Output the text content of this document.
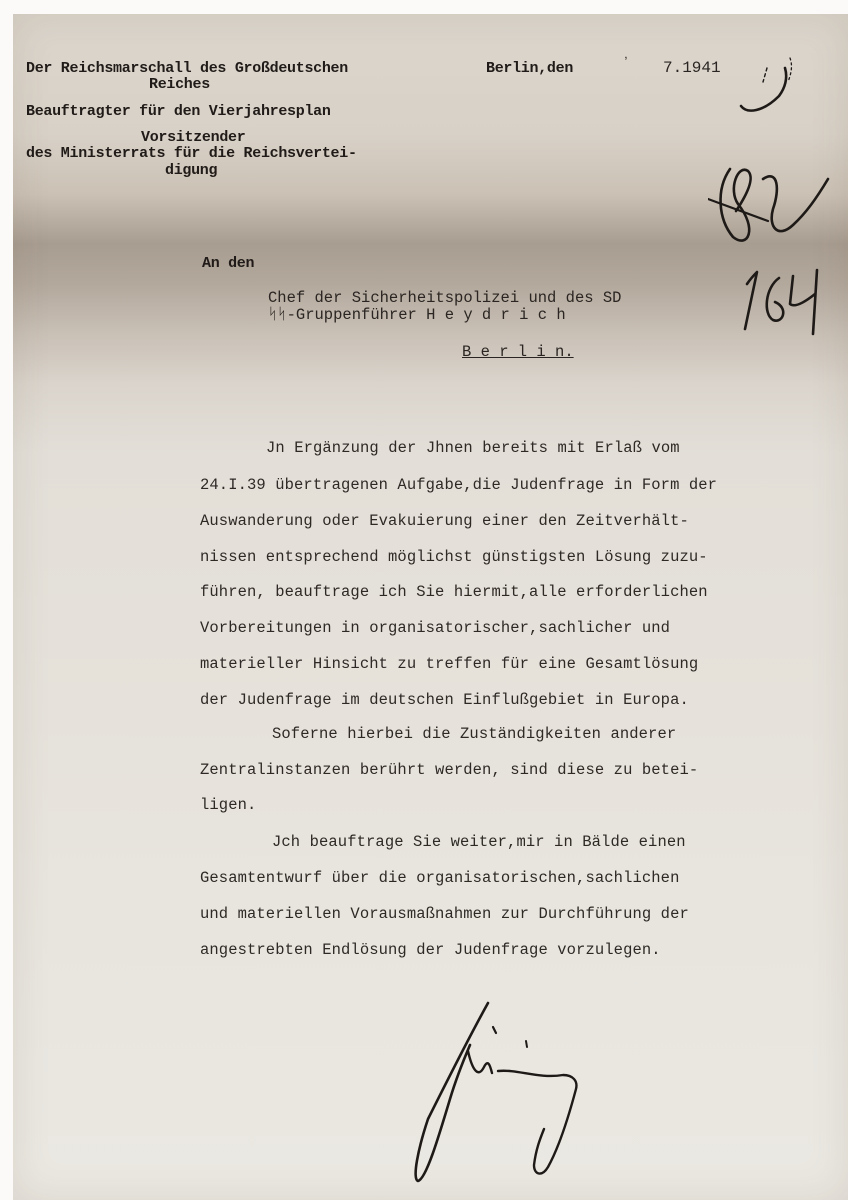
Der Reichsmarschall des Großdeutschen
Reiches
Beauftragter für den Vierjahresplan
Vorsitzender
des Ministerrats für die Reichsvertei-
digung
Berlin,den	ʼ 7.1941
An den
Chef der Sicherheitspolizei und des SD
ᛋᛋ-Gruppenführer H e y d r i c h
B e r l i n.
Jn Ergänzung der Jhnen bereits mit Erlaß vom
24.I.39 übertragenen Aufgabe,die Judenfrage in Form der
Auswanderung oder Evakuierung einer den Zeitverhält-
nissen entsprechend möglichst günstigsten Lösung zuzu-
führen, beauftrage ich Sie hiermit,alle erforderlichen
Vorbereitungen in organisatorischer,sachlicher und
materieller Hinsicht zu treffen für eine Gesamtlösung
der Judenfrage im deutschen Einflußgebiet in Europa.
Soferne hierbei die Zuständigkeiten anderer
Zentralinstanzen berührt werden, sind diese zu betei-
ligen.
Jch beauftrage Sie weiter,mir in Bälde einen
Gesamtentwurf über die organisatorischen,sachlichen
und materiellen Vorausmaßnahmen zur Durchführung der
angestrebten Endlösung der Judenfrage vorzulegen.
